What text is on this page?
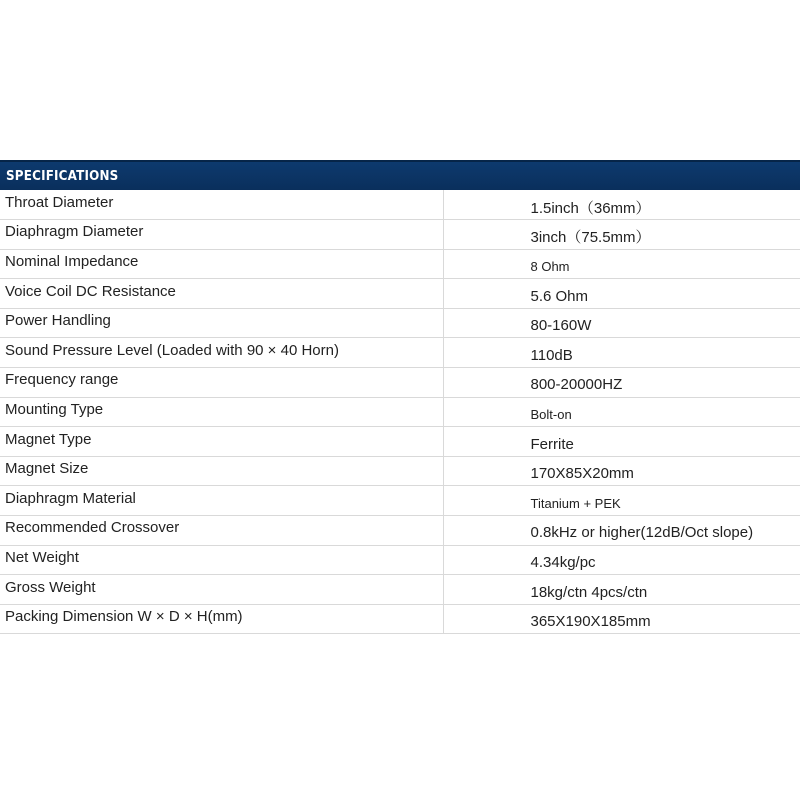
SPECIFICATIONS
Throat Diameter	1.5inch（36mm）
Diaphragm Diameter	3inch（75.5mm）
Nominal Impedance	8 Ohm
Voice Coil DC Resistance	5.6 Ohm
Power Handling	80-160W
Sound Pressure Level (Loaded with 90 × 40 Horn)	110dB
Frequency range	800-20000HZ
Mounting Type	Bolt-on
Magnet Type	Ferrite
Magnet Size	170X85X20mm
Diaphragm Material	Titanium + PEK
Recommended Crossover	0.8kHz or higher(12dB/Oct slope)
Net Weight	4.34kg/pc
Gross Weight	18kg/ctn 4pcs/ctn
Packing Dimension W × D × H(mm)	365X190X185mm
